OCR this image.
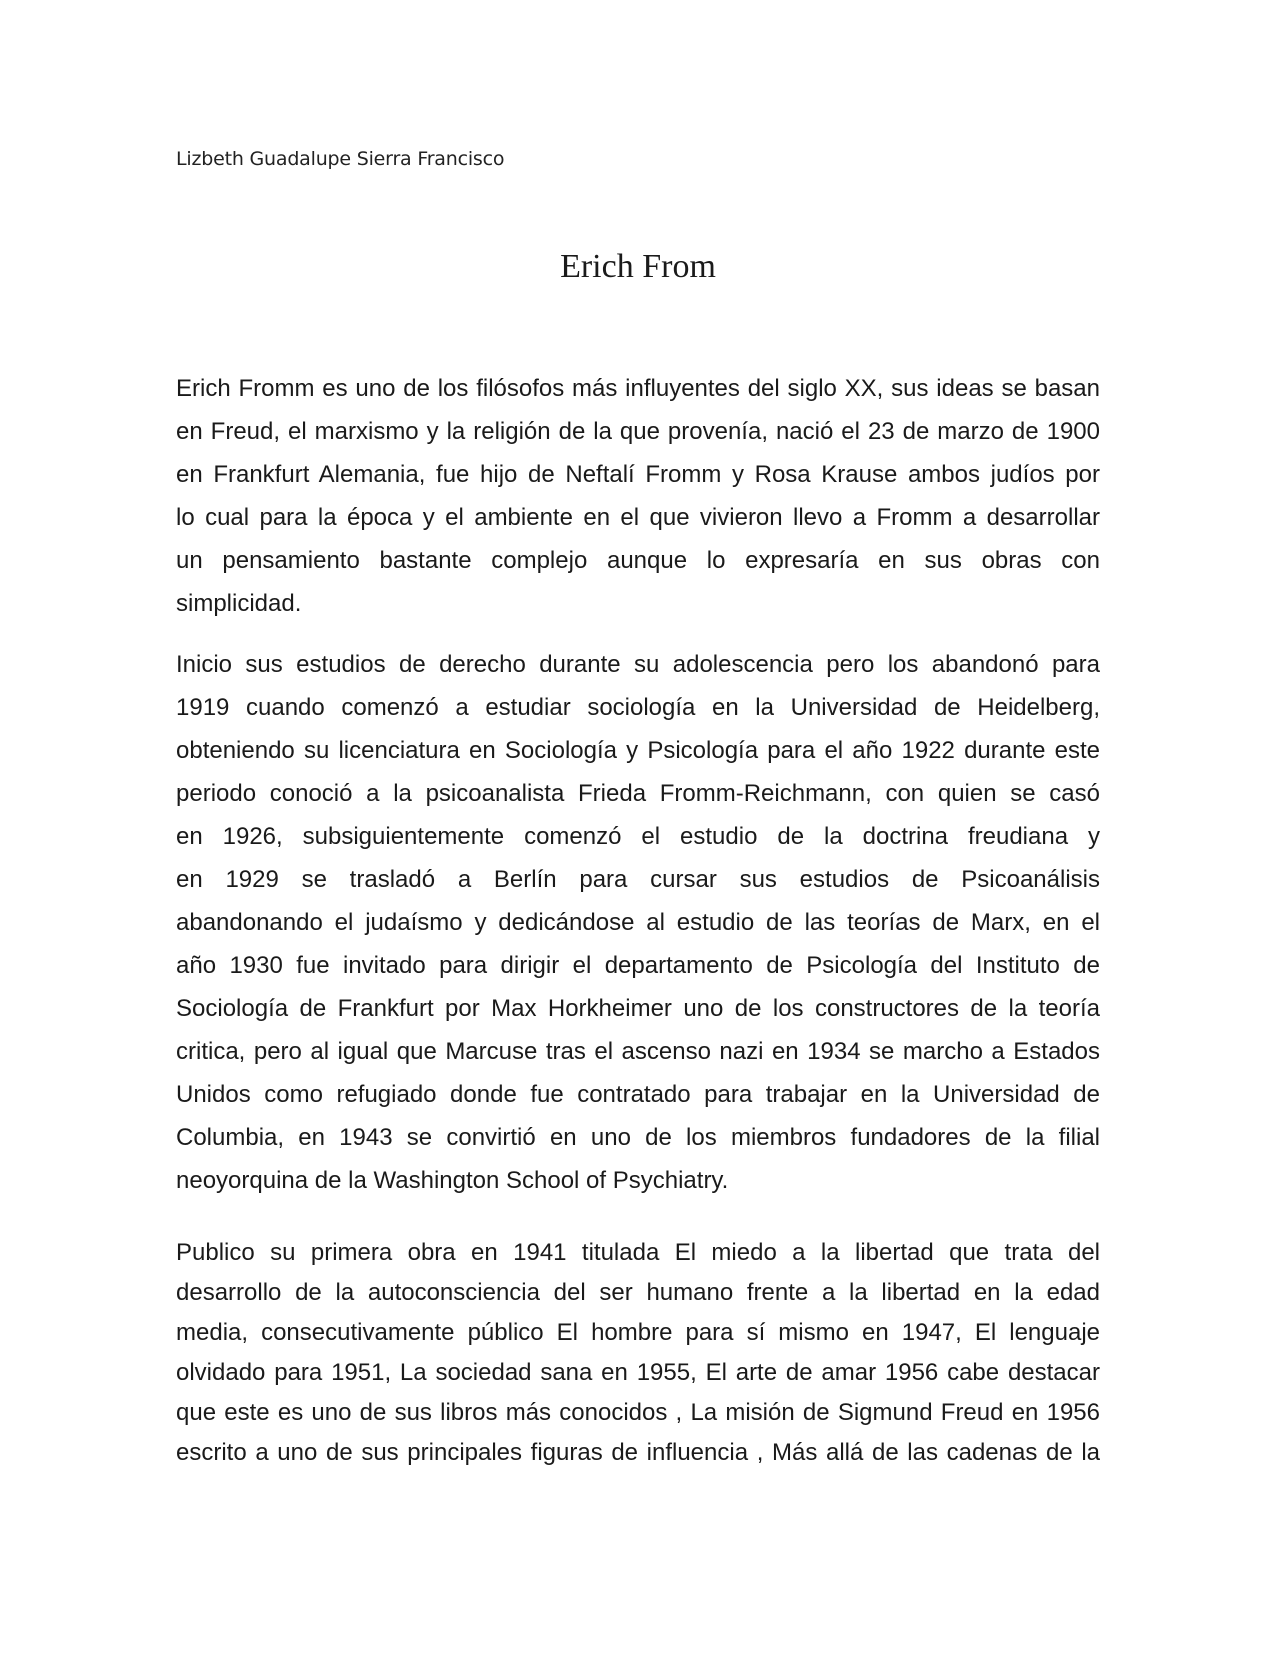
Lizbeth Guadalupe Sierra Francisco

Erich From

Erich Fromm es uno de los filósofos más influyentes del siglo XX, sus ideas se basan
en Freud, el marxismo y la religión de la que provenía, nació el 23 de marzo de 1900
en Frankfurt Alemania, fue hijo de Neftalí Fromm y Rosa Krause ambos judíos por
lo cual para la época y el ambiente en el que vivieron llevo a Fromm a desarrollar
un pensamiento bastante complejo aunque lo expresaría en sus obras con
simplicidad.

Inicio sus estudios de derecho durante su adolescencia pero los abandonó para
1919 cuando comenzó a estudiar sociología en la Universidad de Heidelberg,
obteniendo su licenciatura en Sociología y Psicología para el año 1922 durante este
periodo conoció a la psicoanalista Frieda Fromm-Reichmann, con quien se casó
en 1926, subsiguientemente comenzó el estudio de la doctrina freudiana y
en 1929 se trasladó a Berlín para cursar sus estudios de Psicoanálisis
abandonando el judaísmo y dedicándose al estudio de las teorías de Marx, en el
año 1930 fue invitado para dirigir el departamento de Psicología del Instituto de
Sociología de Frankfurt por Max Horkheimer uno de los constructores de la teoría
critica, pero al igual que Marcuse tras el ascenso nazi en 1934 se marcho a Estados
Unidos como refugiado donde fue contratado para trabajar en la Universidad de
Columbia, en 1943 se convirtió en uno de los miembros fundadores de la filial
neoyorquina de la Washington School of Psychiatry.

Publico su primera obra en 1941 titulada El miedo a la libertad que trata del
desarrollo de la autoconsciencia del ser humano frente a la libertad en la edad
media, consecutivamente público El hombre para sí mismo en 1947, El lenguaje
olvidado para 1951, La sociedad sana en 1955, El arte de amar 1956 cabe destacar
que este es uno de sus libros más conocidos , La misión de Sigmund Freud en 1956
escrito a uno de sus principales figuras de influencia , Más allá de las cadenas de la
